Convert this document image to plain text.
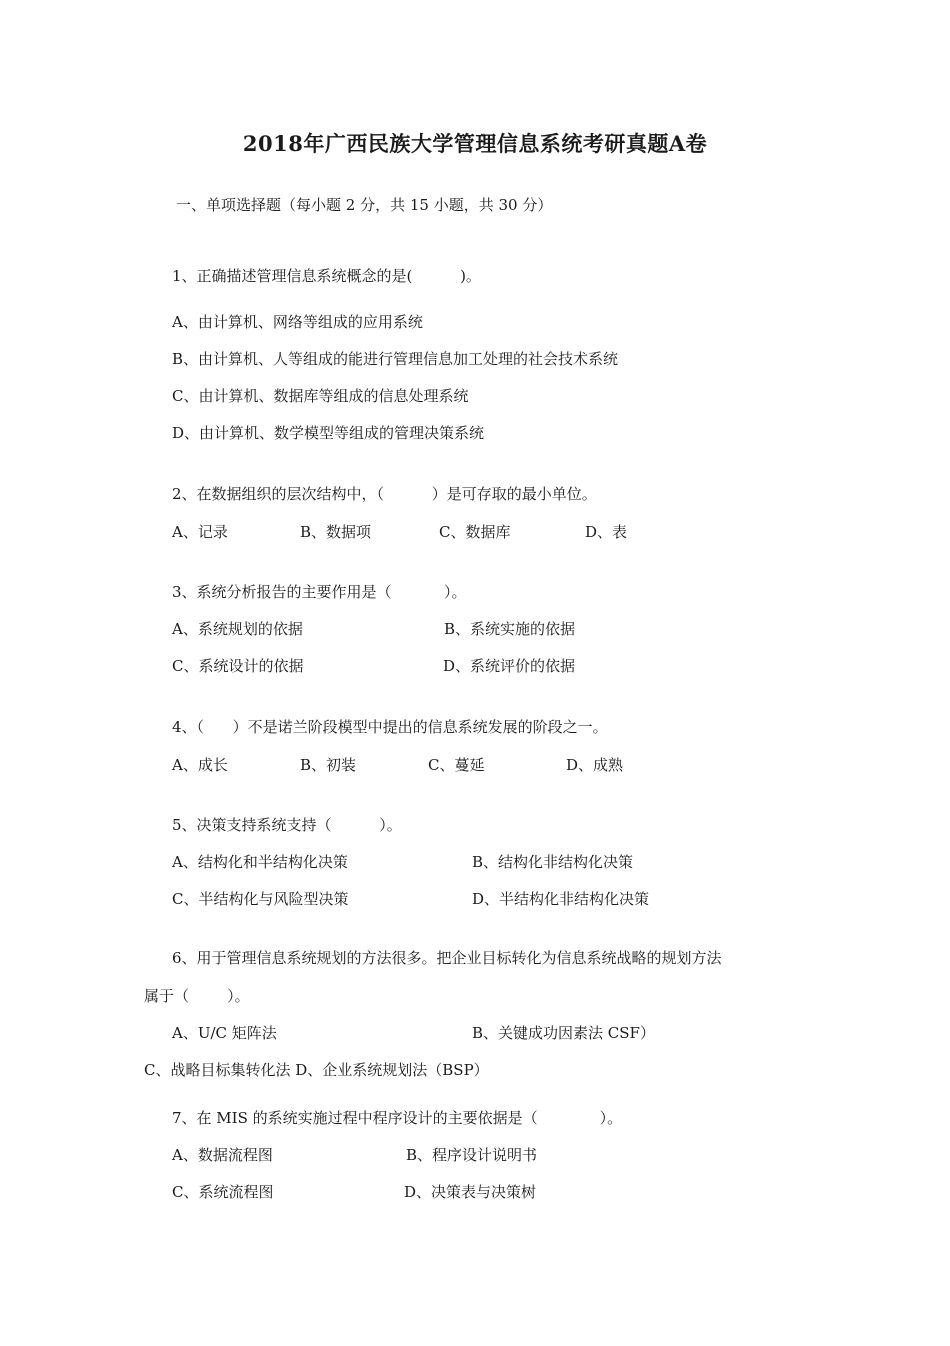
2018年广西民族大学管理信息系统考研真题A卷
一、单项选择题（每小题 2 分，共 15 小题，共 30 分）
1、正确描述管理信息系统概念的是(          )。
A、由计算机、网络等组成的应用系统
B、由计算机、人等组成的能进行管理信息加工处理的社会技术系统
C、由计算机、数据库等组成的信息处理系统
D、由计算机、数学模型等组成的管理决策系统
2、在数据组织的层次结构中，（          ）是可存取的最小单位。
A、记录	B、数据项	C、数据库	D、表
3、系统分析报告的主要作用是（           ）。
A、系统规划的依据	B、系统实施的依据
C、系统设计的依据	D、系统评价的依据
4、（      ）不是诺兰阶段模型中提出的信息系统发展的阶段之一。
A、成长	B、初装	C、蔓延	D、成熟
5、决策支持系统支持（          ）。
A、结构化和半结构化决策	B、结构化非结构化决策
C、半结构化与风险型决策	D、半结构化非结构化决策
6、用于管理信息系统规划的方法很多。把企业目标转化为信息系统战略的规划方法
属于（        ）。
A、U/C 矩阵法	B、关键成功因素法 CSF）
C、战略目标集转化法 D、企业系统规划法（BSP）
7、在 MIS 的系统实施过程中程序设计的主要依据是（             ）。
A、数据流程图	B、程序设计说明书
C、系统流程图	D、决策表与决策树
